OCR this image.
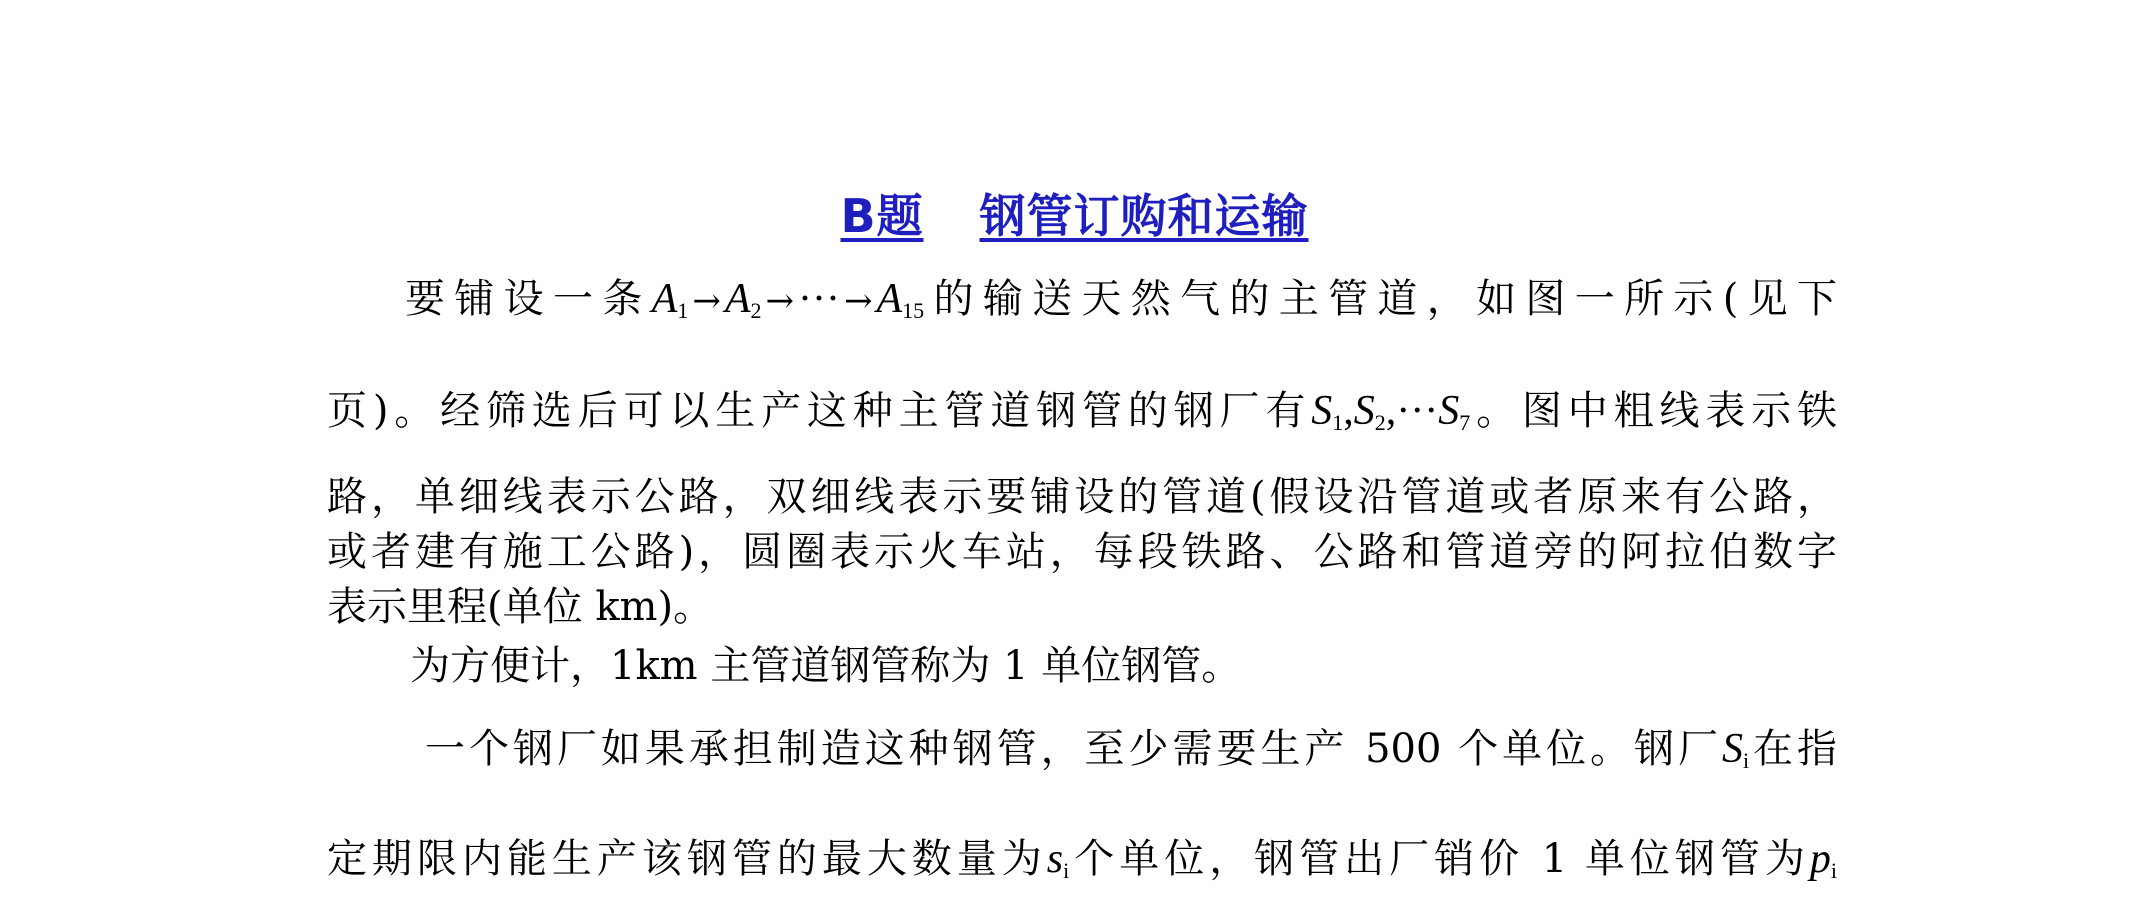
B题 钢管订购和运输
要铺设一条$A_1 \to A_2$ →··· $\to A_{15}$的输送天然气的主管道，如图一所示(见下
页)。经筛选后可以生产这种主管道钢管的钢厂有$S_1,S_2,\cdot\cdot\cdot S_7$。图中粗线表示铁
路，单细线表示公路，双细线表示要铺设的管道(假设沿管道或者原来有公路，
或者建有施工公路)，圆圈表示火车站，每段铁路、公路和管道旁的阿拉伯数字
表示里程(单位 km)。
为方便计，1km 主管道钢管称为 1 单位钢管。
一个钢厂如果承担制造这种钢管，至少需要生产 500 个单位。钢厂$S_i$在指
定期限内能生产该钢管的最大数量为$s_i$个单位，钢管出厂销价 1 单位钢管为$p_i$
